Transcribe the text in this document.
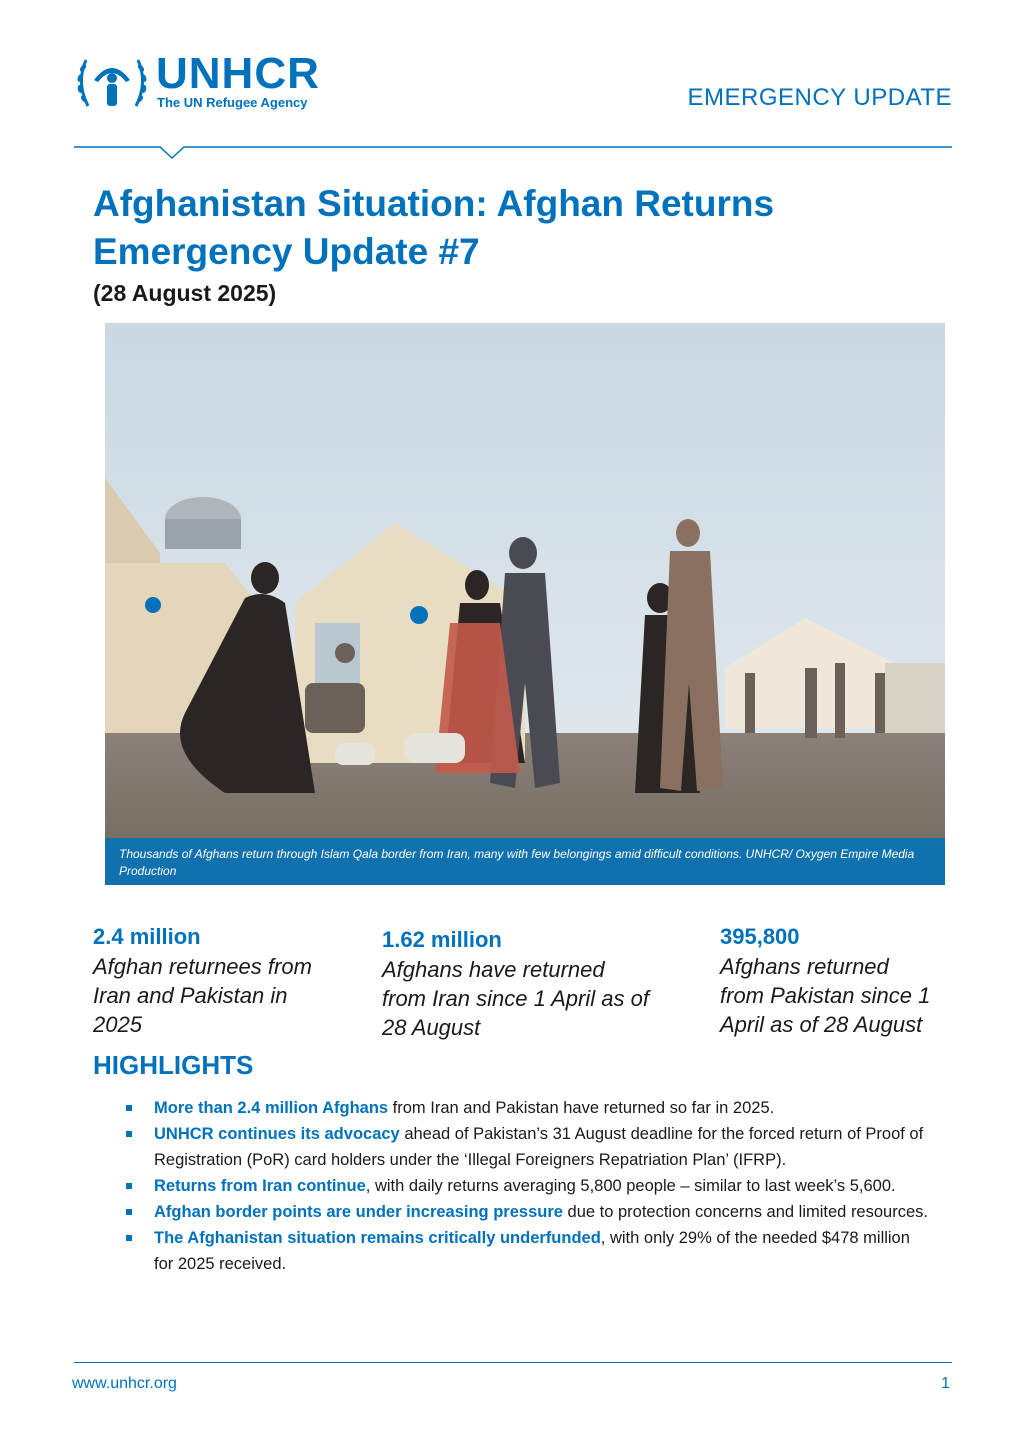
UNHCR
The UN Refugee Agency	EMERGENCY UPDATE
Afghanistan Situation: Afghan Returns
Emergency Update #7
(28 August 2025)
Thousands of Afghans return through Islam Qala border from Iran, many with few belongings amid difficult conditions. UNHCR/ Oxygen Empire Media Production
2.4 million
Afghan returnees from
Iran and Pakistan in
2025
1.62 million
Afghans have returned
from Iran since 1 April as of
28 August
395,800
Afghans returned
from Pakistan since 1
April as of 28 August
HIGHLIGHTS
More than 2.4 million Afghans from Iran and Pakistan have returned so far in 2025.
UNHCR continues its advocacy ahead of Pakistan’s 31 August deadline for the forced return of Proof of Registration (PoR) card holders under the ‘Illegal Foreigners Repatriation Plan’ (IFRP).
Returns from Iran continue, with daily returns averaging 5,800 people – similar to last week’s 5,600.
Afghan border points are under increasing pressure due to protection concerns and limited resources.
The Afghanistan situation remains critically underfunded, with only 29% of the needed $478 million for 2025 received.
www.unhcr.org	1
